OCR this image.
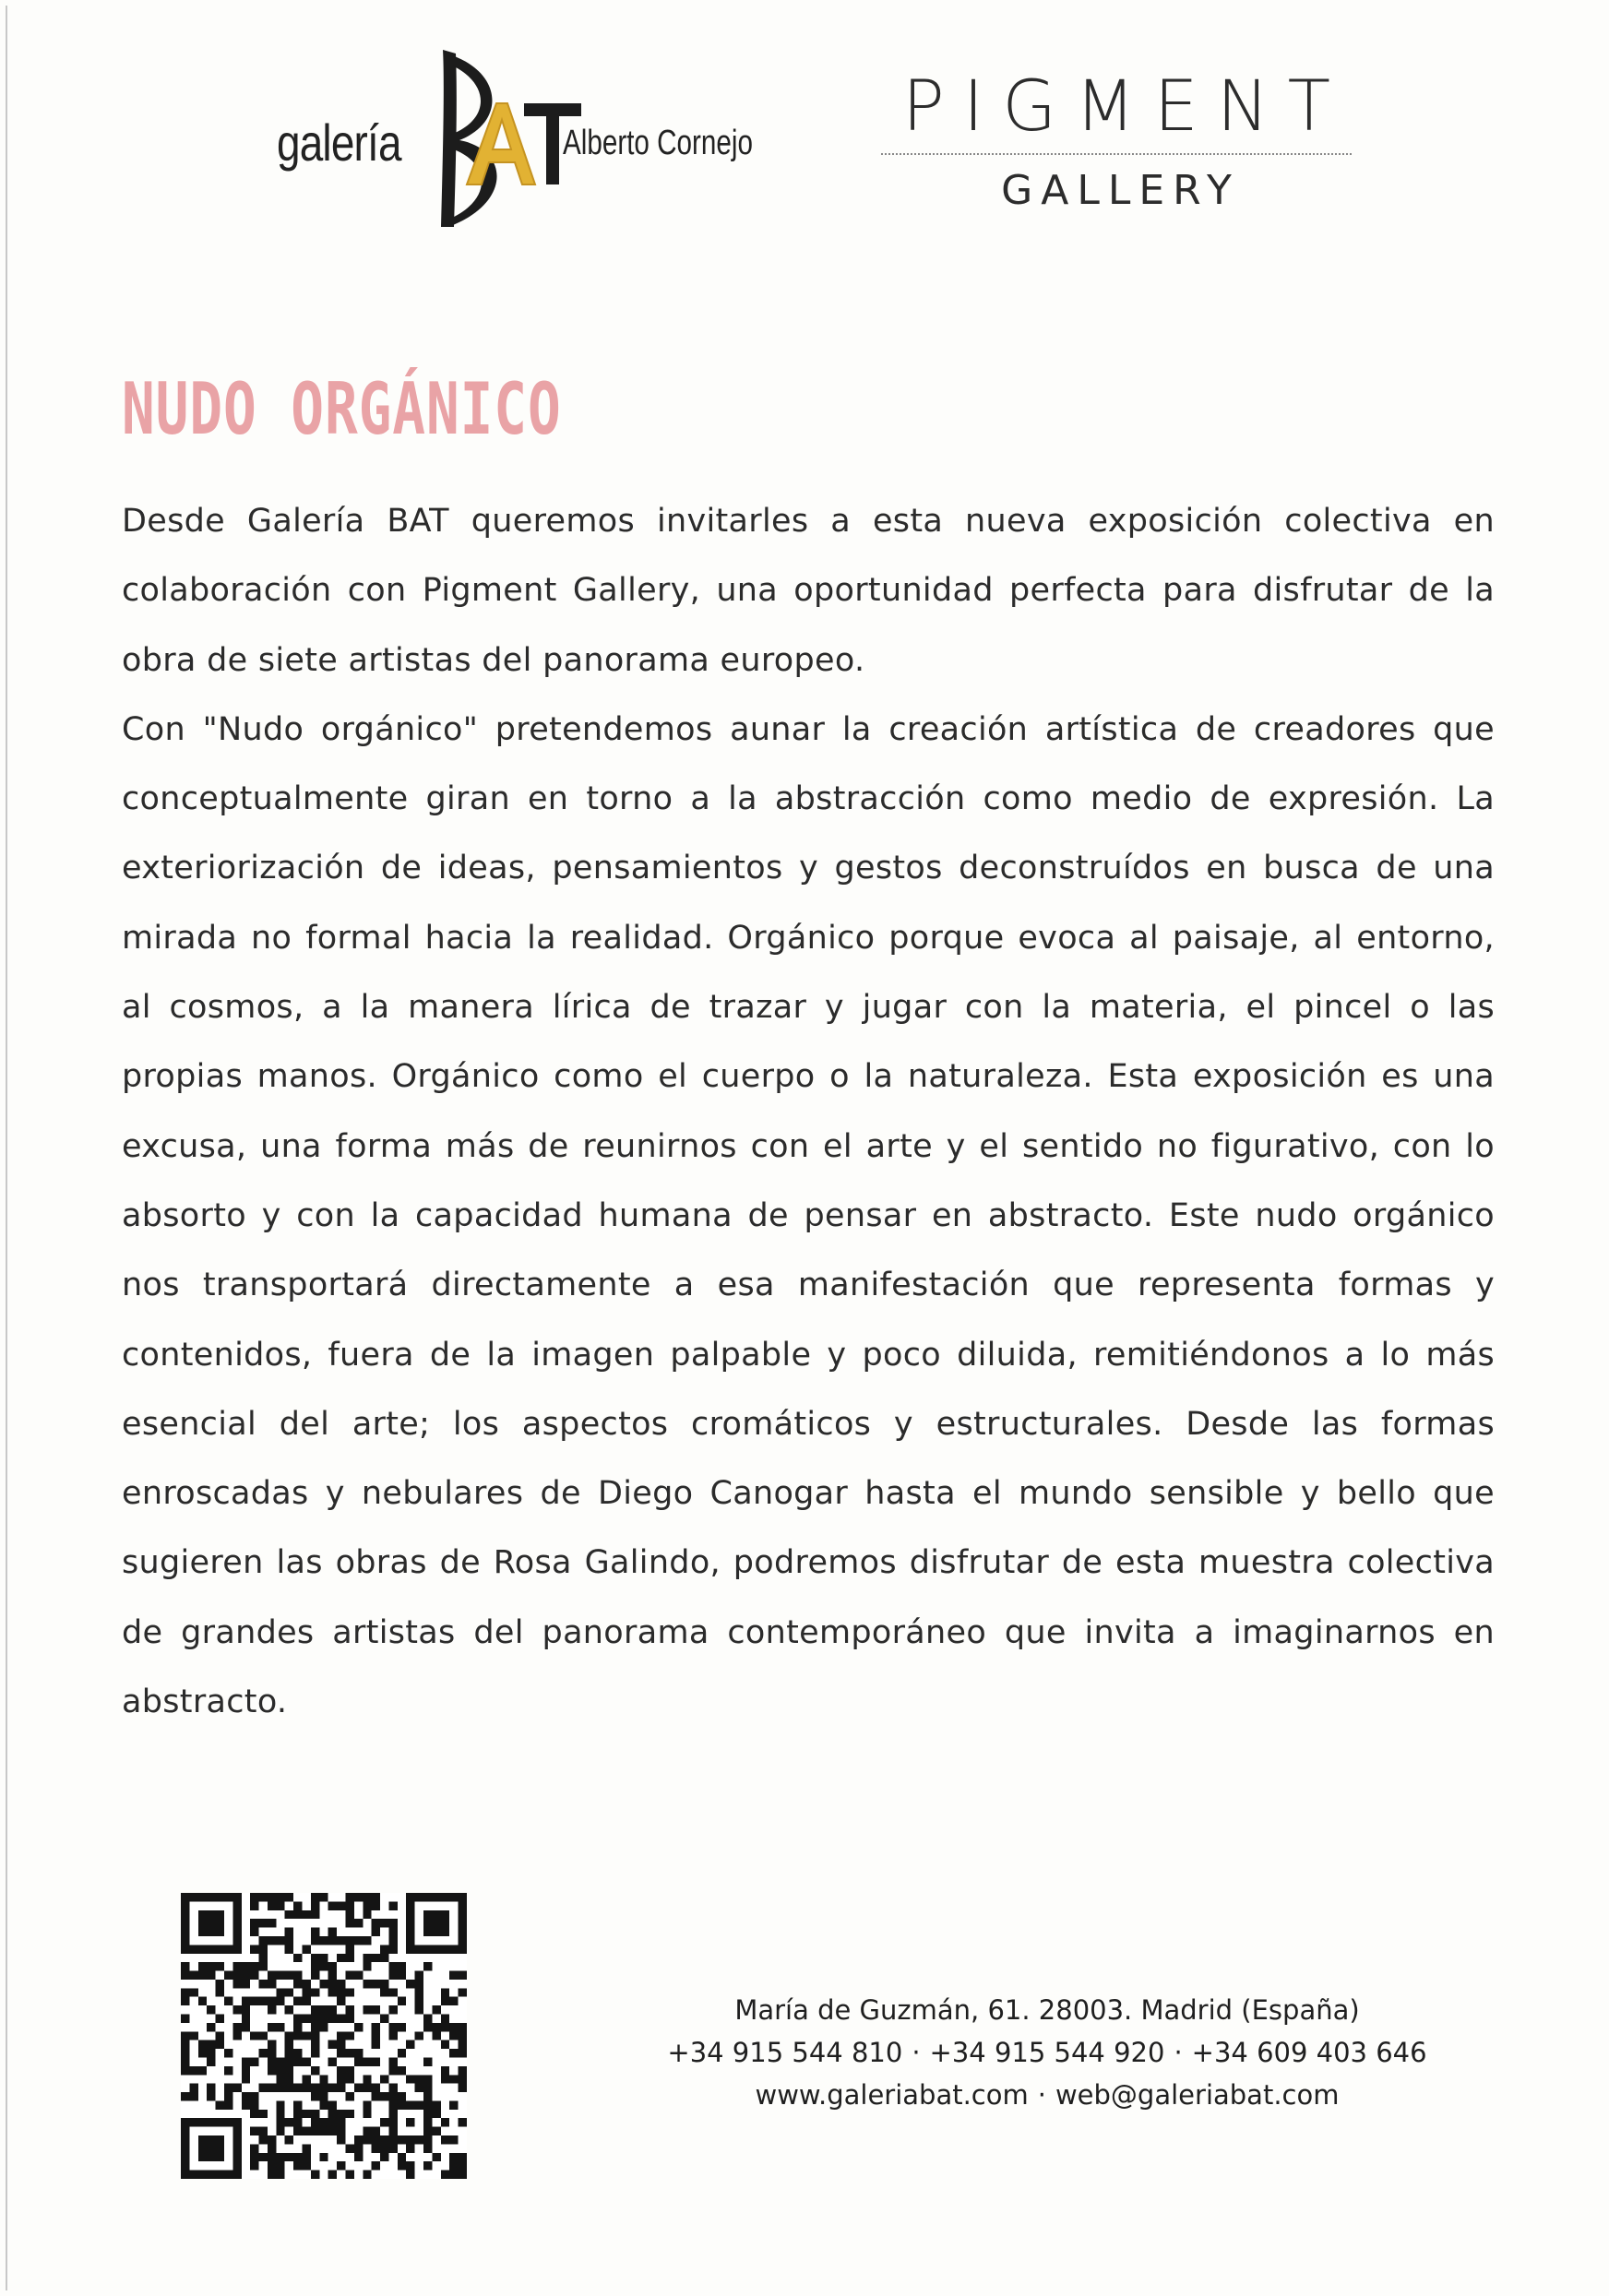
galería	Alberto Cornejo	PIGMENT
GALLERY
NUDO ORGÁNICO

Desde Galería BAT queremos invitarles a esta nueva exposición colectiva en colaboración con Pigment Gallery, una oportunidad perfecta para disfrutar de la obra de siete artistas del panorama europeo.

Con "Nudo orgánico" pretendemos aunar la creación artística de creadores que conceptualmente giran en torno a la abstracción como medio de expresión. La exteriorización de ideas, pensamientos y gestos deconstruídos en busca de una mirada no formal hacia la realidad. Orgánico porque evoca al paisaje, al entorno, al cosmos, a la manera lírica de trazar y jugar con la materia, el pincel o las propias manos. Orgánico como el cuerpo o la naturaleza. Esta exposición es una excusa, una forma más de reunirnos con el arte y el sentido no figurativo, con lo absorto y con la capacidad humana de pensar en abstracto. Este nudo orgánico nos transportará directamente a esa manifestación que representa formas y contenidos, fuera de la imagen palpable y poco diluida, remitiéndonos a lo más esencial del arte; los aspectos cromáticos y estructurales. Desde las formas enroscadas y nebulares de Diego Canogar hasta el mundo sensible y bello que sugieren las obras de Rosa Galindo, podremos disfrutar de esta muestra colectiva de grandes artistas del panorama contemporáneo que invita a imaginarnos en abstracto.

María de Guzmán, 61. 28003. Madrid (España)
+34 915 544 810 · +34 915 544 920 · +34 609 403 646
www.galeriabat.com · web@galeriabat.com
